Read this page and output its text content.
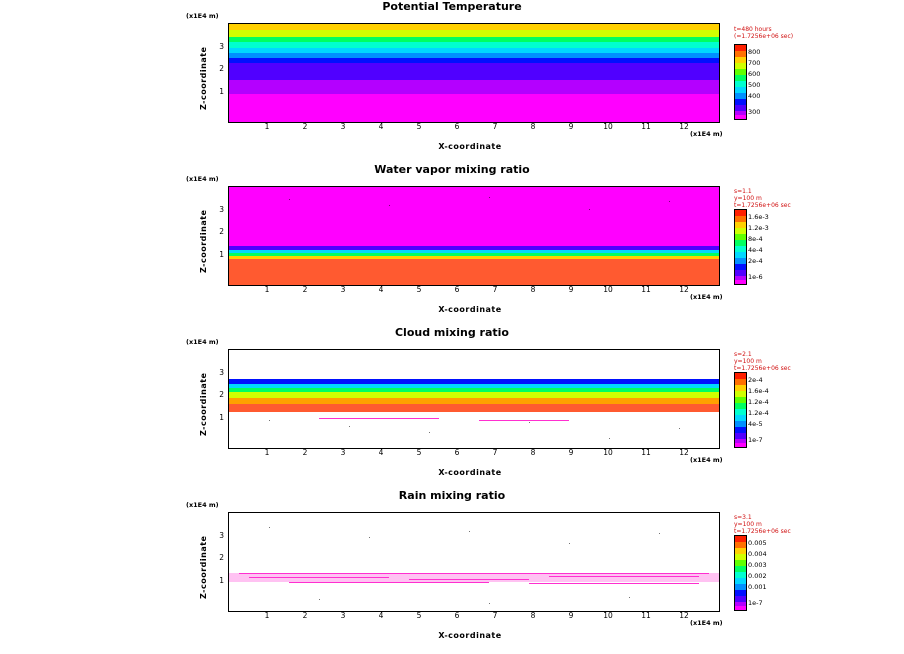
Potential Temperature
(x1E4 m)
Z-coordinate
3
2
1
1	2	3	4	5	6	7	8	9	10	11	12
(x1E4 m)
X-coordinate
t=480 hours
(=1.7256e+06 sec)
800
700
600
500
400
300
Water vapor mixing ratio
(x1E4 m)
Z-coordinate
3
2
1
1	2	3	4	5	6	7	8	9	10	11	12
(x1E4 m)
X-coordinate
s=1.1
y=100 m
t=1.7256e+06 sec
1.6e-3
1.2e-3
8e-4
4e-4
2e-4
1e-6
Cloud mixing ratio
(x1E4 m)
Z-coordinate
3
2
1
1	2	3	4	5	6	7	8	9	10	11	12
(x1E4 m)
X-coordinate
s=2.1
y=100 m
t=1.7256e+06 sec
2e-4
1.6e-4
1.2e-4
1.2e-4
4e-5
1e-7
Rain mixing ratio
(x1E4 m)
Z-coordinate
3
2
1
1	2	3	4	5	6	7	8	9	10	11	12
(x1E4 m)
X-coordinate
s=3.1
y=100 m
t=1.7256e+06 sec
0.005
0.004
0.003
0.002
0.001
1e-7
